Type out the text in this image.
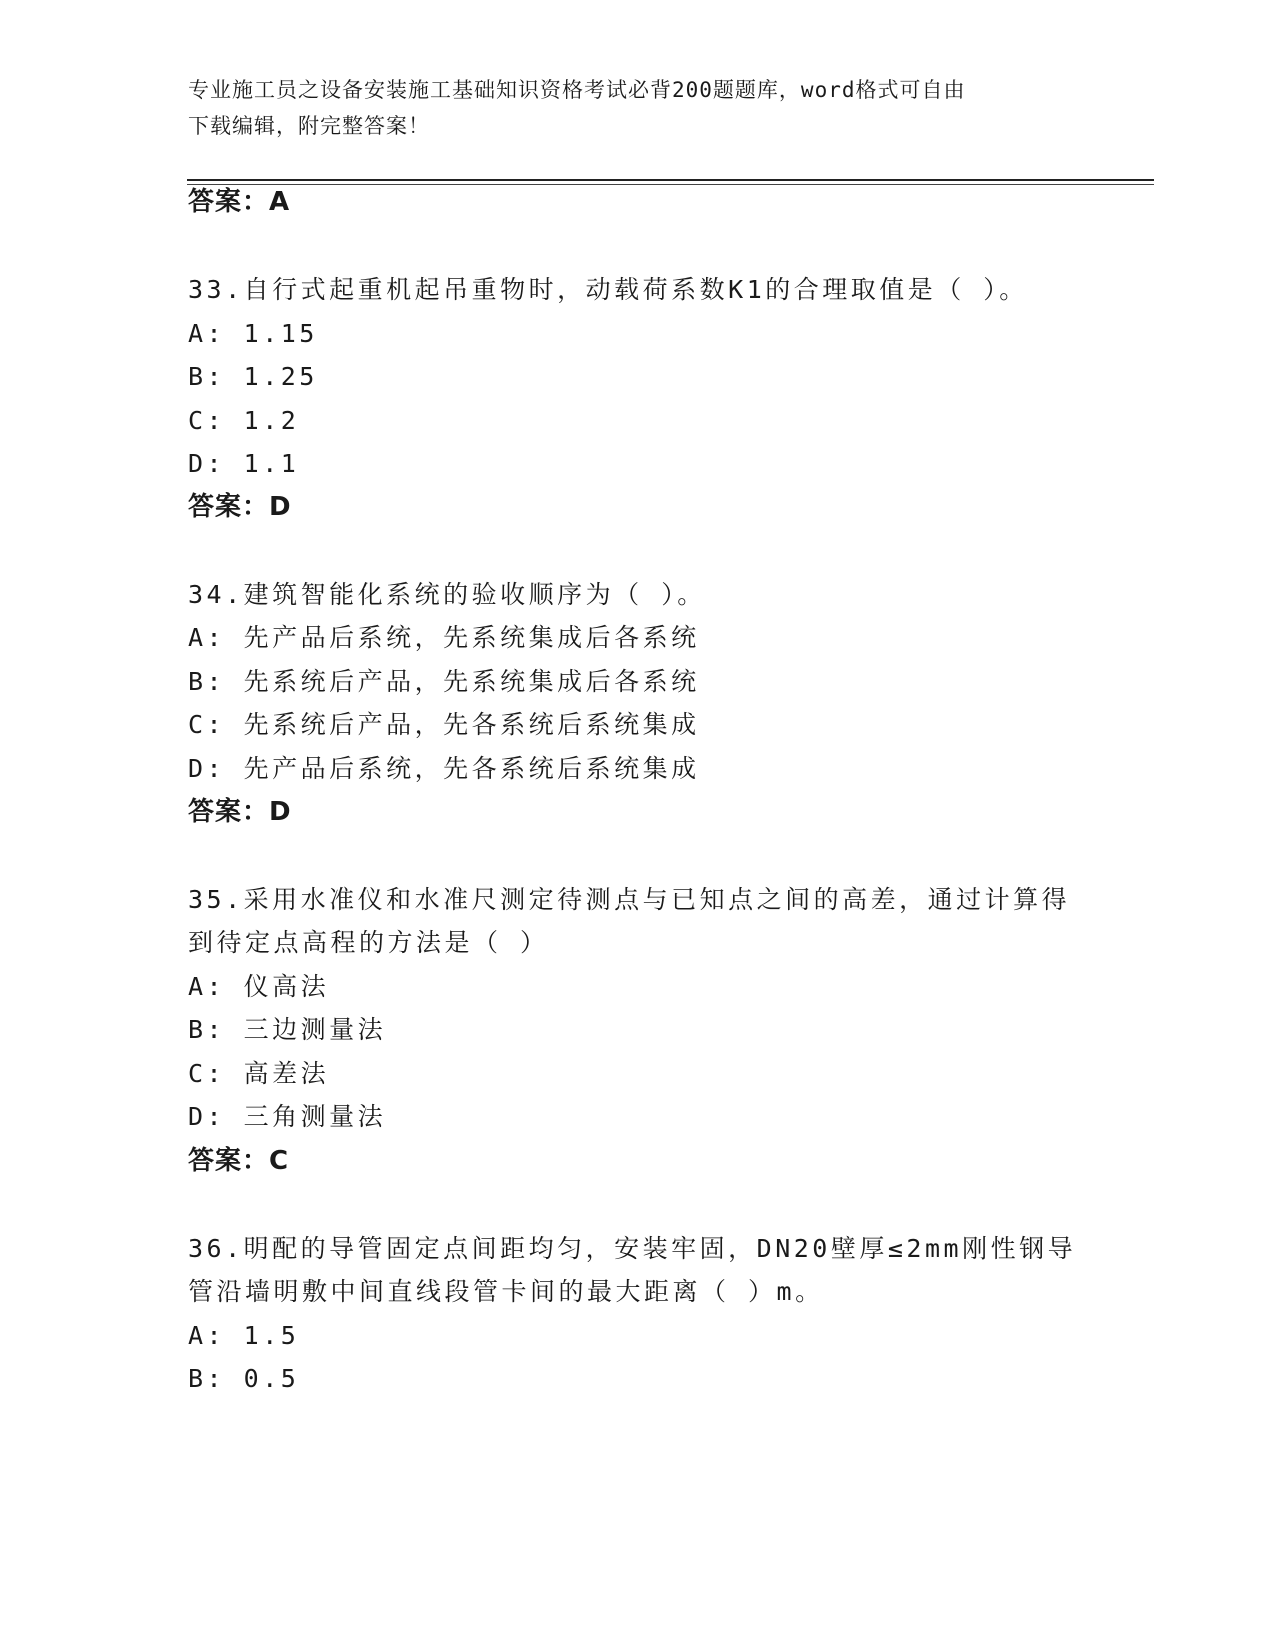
专业施工员之设备安装施工基础知识资格考试必背200题题库，word格式可自由
下载编辑，附完整答案！
答案：A
33.自行式起重机起吊重物时，动载荷系数K1的合理取值是（ ）。
A: 1.15
B: 1.25
C: 1.2
D: 1.1
答案：D
34.建筑智能化系统的验收顺序为（ ）。
A: 先产品后系统，先系统集成后各系统
B: 先系统后产品，先系统集成后各系统
C: 先系统后产品，先各系统后系统集成
D: 先产品后系统，先各系统后系统集成
答案：D
35.采用水准仪和水准尺测定待测点与已知点之间的高差，通过计算得
到待定点高程的方法是（ ）
A: 仪高法
B: 三边测量法
C: 高差法
D: 三角测量法
答案：C
36.明配的导管固定点间距均匀，安装牢固，DN20壁厚≤2mm刚性钢导
管沿墙明敷中间直线段管卡间的最大距离（ ）m。
A: 1.5
B: 0.5
